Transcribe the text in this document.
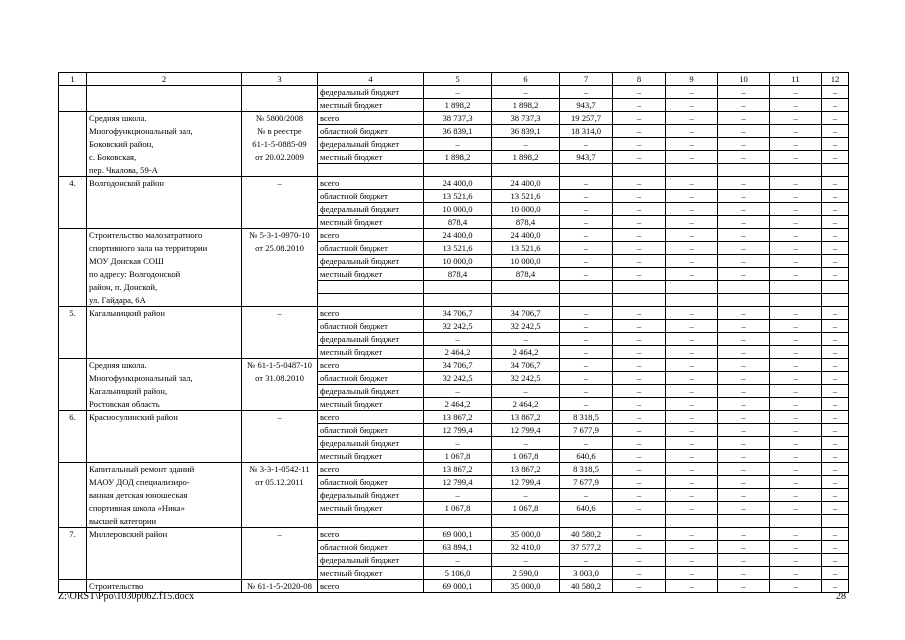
1	2	3	4	5	6	7	8	9	10	11	12
			федеральный бюджет	–	–	–	–	–	–	–	–
			местный бюджет	1 898,2	1 898,2	943,7	–	–	–	–	–
	Средняя школа.	№ 5800/2008	всего	38 737,3	38 737,3	19 257,7	–	–	–	–	–
	Многофункциональный зал,	№ в реестре	областной бюджет	36 839,1	36 839,1	18 314,0	–	–	–	–	–
	Боковский район,	61-1-5-0885-09	федеральный бюджет	–	–	–	–	–	–	–	–
	с. Боковская,	от 20.02.2009	местный бюджет	1 898,2	1 898,2	943,7	–	–	–	–	–
	пер. Чкалова, 59-А										
4.	Волгодонской район	–	всего	24 400,0	24 400,0	–	–	–	–	–	–
			областной бюджет	13 521,6	13 521,6	–	–	–	–	–	–
			федеральный бюджет	10 000,0	10 000,0	–	–	–	–	–	–
			местный бюджет	878,4	878,4	–	–	–	–	–	–
	Строительство малозатратного	№ 5-3-1-0970-10	всего	24 400,0	24 400,0	–	–	–	–	–	–
	спортивного зала на территории	от 25.08.2010	областной бюджет	13 521,6	13 521,6	–	–	–	–	–	–
	МОУ Донская СОШ		федеральный бюджет	10 000,0	10 000,0	–	–	–	–	–	–
	по адресу: Волгодонской		местный бюджет	878,4	878,4	–	–	–	–	–	–
	район, п. Донской,										
	ул. Гайдара, 6А										
5.	Кагальницкий район	–	всего	34 706,7	34 706,7	–	–	–	–	–	–
			областной бюджет	32 242,5	32 242,5	–	–	–	–	–	–
			федеральный бюджет	–	–	–	–	–	–	–	–
			местный бюджет	2 464,2	2 464,2	–	–	–	–	–	–
	Средняя школа.	№ 61-1-5-0487-10	всего	34 706,7	34 706,7	–	–	–	–	–	–
	Многофункциональный зал,	от 31.08.2010	областной бюджет	32 242,5	32 242,5	–	–	–	–	–	–
	Кагальницкий район,		федеральный бюджет	–	–	–	–	–	–	–	–
	Ростовская область		местный бюджет	2 464,2	2 464,2	–	–	–	–	–	–
6.	Красносулинский район	–	всего	13 867,2	13 867,2	8 318,5	–	–	–	–	–
			областной бюджет	12 799,4	12 799,4	7 677,9	–	–	–	–	–
			федеральный бюджет	–	–	–	–	–	–	–	–
			местный бюджет	1 067,8	1 067,8	640,6	–	–	–	–	–
	Капитальный ремонт зданий	№ 3-3-1-0542-11	всего	13 867,2	13 867,2	8 318,5	–	–	–	–	–
	МАОУ ДОД специализиро-	от 05.12.2011	областной бюджет	12 799,4	12 799,4	7 677,9	–	–	–	–	–
	ванная детская юношеская		федеральный бюджет	–	–	–	–	–	–	–	–
	спортивная школа «Ника»		местный бюджет	1 067,8	1 067,8	640,6	–	–	–	–	–
	высшей категории										
7.	Миллеровский район	–	всего	69 000,1	35 000,0	40 580,2	–	–	–	–	–
			областной бюджет	63 894,1	32 410,0	37 577,2	–	–	–	–	–
			федеральный бюджет	–	–	–	–	–	–	–	–
			местный бюджет	5 106,0	2 590,0	3 003,0	–	–	–	–	–
	Строительство	№ 61-1-5-2020-08	всего	69 000,1	35 000,0	40 580,2	–	–	–	–	–
Z:\ORST\Ppo\1030p062.f15.docx	28
